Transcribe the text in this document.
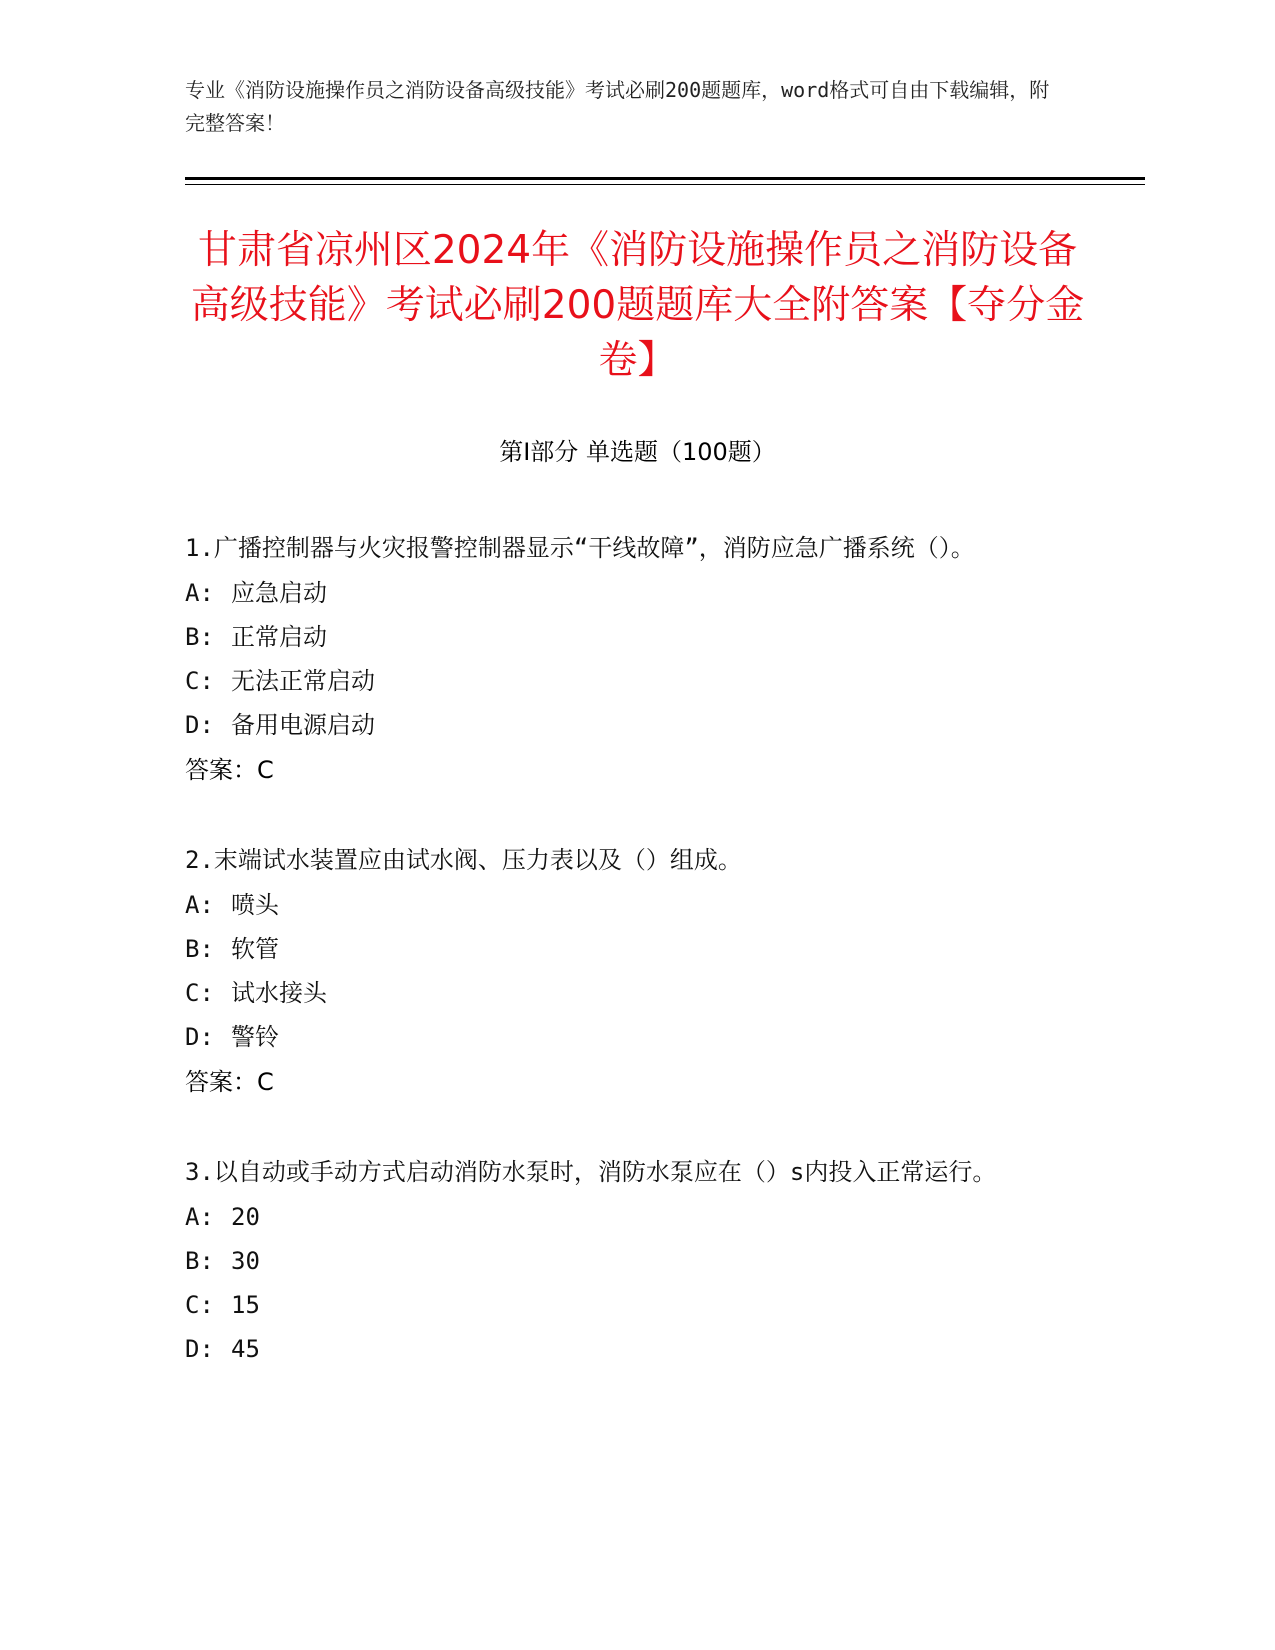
专业《消防设施操作员之消防设备高级技能》考试必刷200题题库，word格式可自由下载编辑，附完整答案！
甘肃省凉州区2024年《消防设施操作员之消防设备高级技能》考试必刷200题题库大全附答案【夺分金卷】
第I部分 单选题（100题）
1.广播控制器与火灾报警控制器显示“干线故障”，消防应急广播系统（）。
A: 应急启动
B: 正常启动
C: 无法正常启动
D: 备用电源启动
答案：C
2.末端试水装置应由试水阀、压力表以及（）组成。
A: 喷头
B: 软管
C: 试水接头
D: 警铃
答案：C
3.以自动或手动方式启动消防水泵时，消防水泵应在（）s内投入正常运行。
A: 20
B: 30
C: 15
D: 45
